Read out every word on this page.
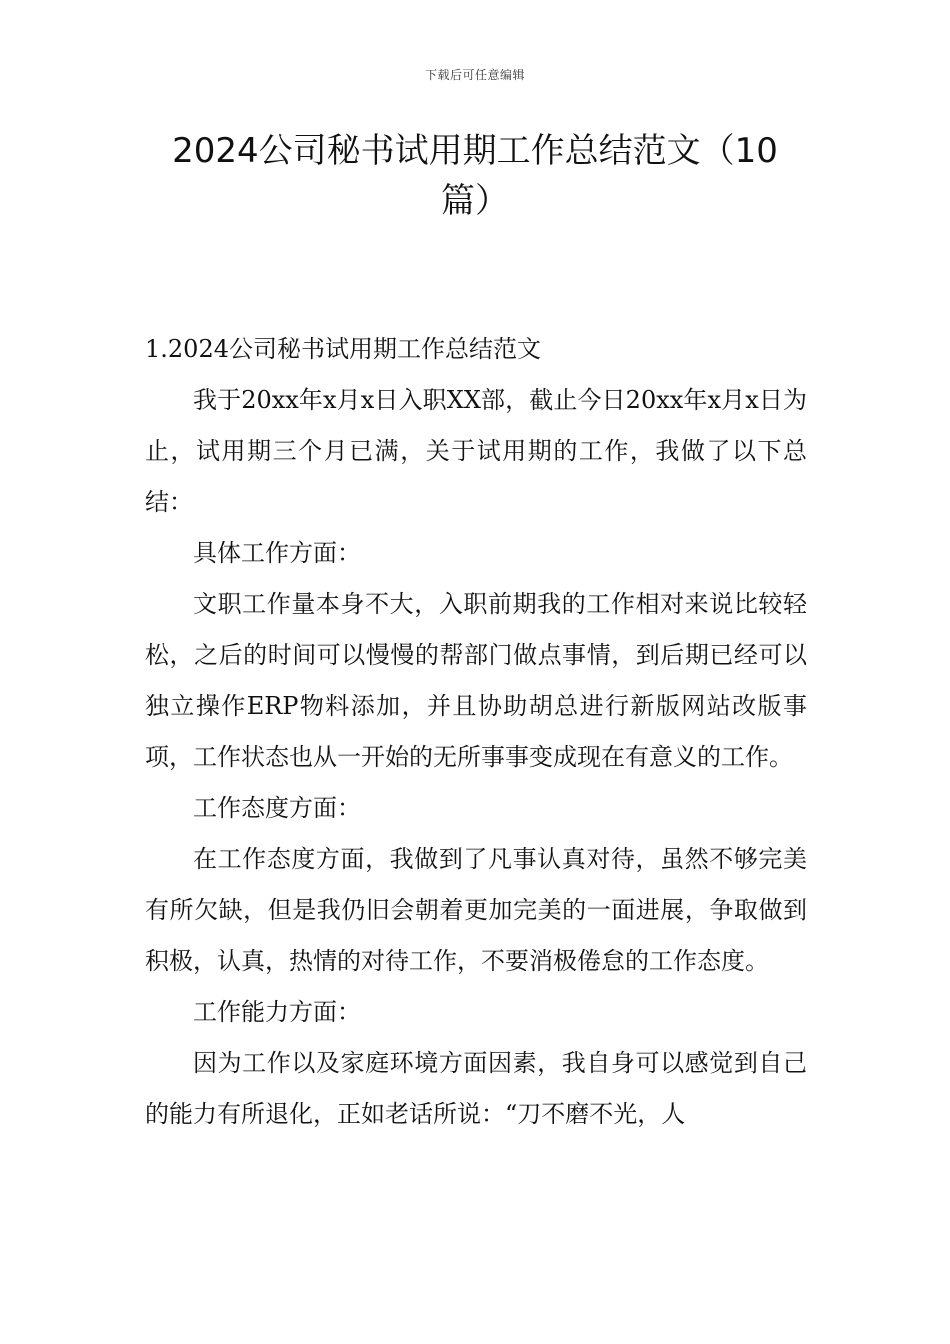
下载后可任意编辑
2024公司秘书试用期工作总结范文（10篇）

1.2024公司秘书试用期工作总结范文

我于20xx年x月x日入职XX部，截止今日20xx年x月x日为止，试用期三个月已满，关于试用期的工作，我做了以下总结：

具体工作方面：

文职工作量本身不大，入职前期我的工作相对来说比较轻松，之后的时间可以慢慢的帮部门做点事情，到后期已经可以独立操作ERP物料添加，并且协助胡总进行新版网站改版事项，工作状态也从一开始的无所事事变成现在有意义的工作。

工作态度方面：

在工作态度方面，我做到了凡事认真对待，虽然不够完美有所欠缺，但是我仍旧会朝着更加完美的一面进展，争取做到积极，认真，热情的对待工作，不要消极倦怠的工作态度。

工作能力方面：

因为工作以及家庭环境方面因素，我自身可以感觉到自己的能力有所退化，正如老话所说：“刀不磨不光，人
